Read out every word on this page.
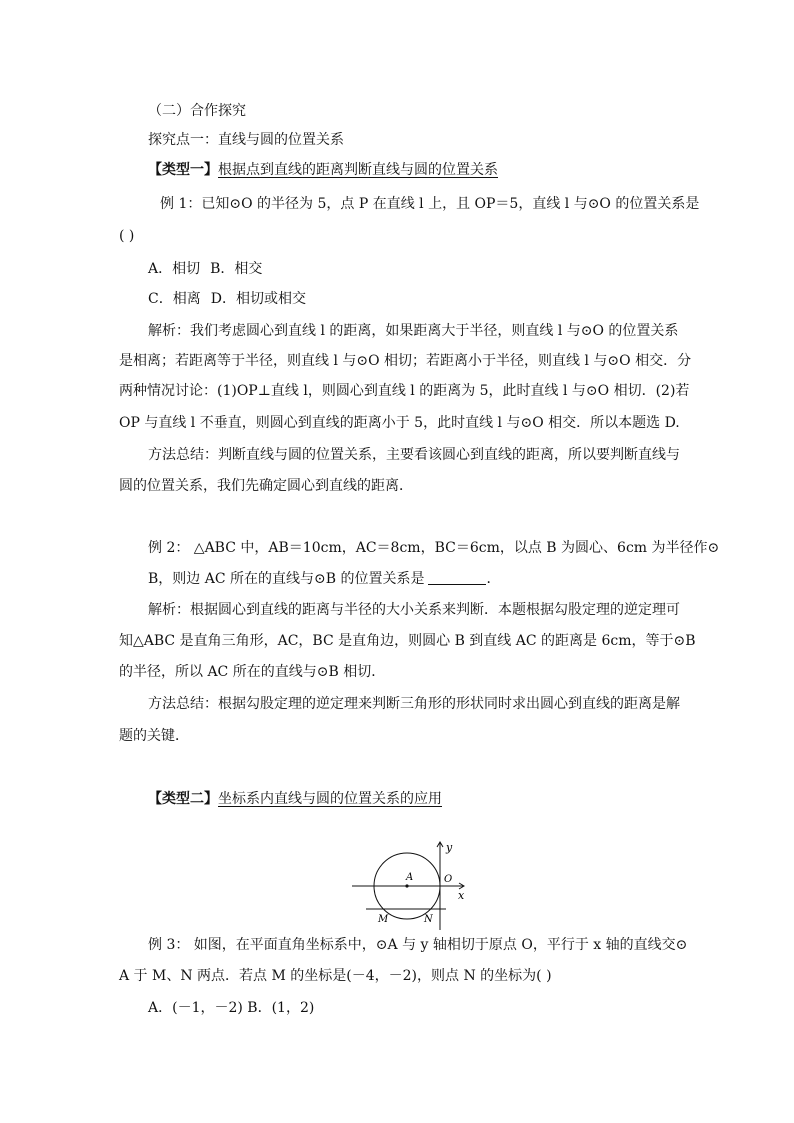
（二）合作探究
探究点一：直线与圆的位置关系
【类型一】根据点到直线的距离判断直线与圆的位置关系
例 1：已知⊙O 的半径为 5，点 P 在直线 l 上，且 OP＝5，直线 l 与⊙O 的位置关系是
( )
A．相切 B．相交
C．相离 D．相切或相交
解析：我们考虑圆心到直线 l 的距离，如果距离大于半径，则直线 l 与⊙O 的位置关系
是相离；若距离等于半径，则直线 l 与⊙O 相切；若距离小于半径，则直线 l 与⊙O 相交．分
两种情况讨论：(1)OP⊥直线 l，则圆心到直线 l 的距离为 5，此时直线 l 与⊙O 相切．(2)若
OP 与直线 l 不垂直，则圆心到直线的距离小于 5，此时直线 l 与⊙O 相交．所以本题选 D.
方法总结：判断直线与圆的位置关系，主要看该圆心到直线的距离，所以要判断直线与
圆的位置关系，我们先确定圆心到直线的距离．
例 2： △ABC 中，AB＝10cm，AC＝8cm，BC＝6cm，以点 B 为圆心、6cm 为半径作⊙
B，则边 AC 所在的直线与⊙B 的位置关系是	．
解析：根据圆心到直线的距离与半径的大小关系来判断．本题根据勾股定理的逆定理可
知△ABC 是直角三角形，AC，BC 是直角边，则圆心 B 到直线 AC 的距离是 6cm，等于⊙B
的半径，所以 AC 所在的直线与⊙B 相切．
方法总结：根据勾股定理的逆定理来判断三角形的形状同时求出圆心到直线的距离是解
题的关键．
【类型二】坐标系内直线与圆的位置关系的应用
y
x
A	O
M	N
例 3： 如图，在平面直角坐标系中，⊙A 与 y 轴相切于原点 O，平行于 x 轴的直线交⊙
A 于 M、N 两点．若点 M 的坐标是(－4，－2)，则点 N 的坐标为( )
A．(－1，－2) B．(1，2)
